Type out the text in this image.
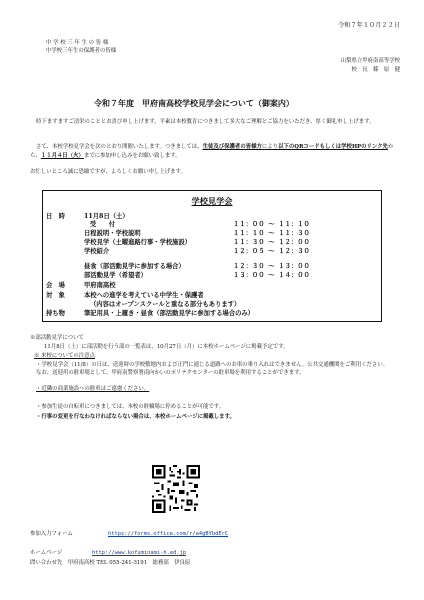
令和７年１０月２２日
中 学 校 三 年 生 の 皆 様
中学校三年生の保護者の皆様
山梨県立甲府南高等学校
校　長　篠　原　健
令和７年度　甲府南高校学校見学会について（御案内）
時下ますますご清栄のこととお喜び申し上げます。平素は本校教育につきまして多大なご理解とご協力をいただき、厚く御礼申し上げます。
さて、本校学校見学会を次のとおり開催いたします。つきましては、生徒及び保護者の皆様方により以下のQRコードもしくは学校HPのリンク先から、１１月４日（火）までに参加申し込みをお願い致します。
お忙しいところ誠に恐縮ですが、よろしくお願い申し上げます。
学校見学会
日　時	11月8日（土）
受　　付	１１：００ ～ １１：１０
日程説明・学校説明	１１：１０ ～ １１：３０
学校見学（土曜進路行事・学校施設）	１１：３０ ～ １２：００
学校紹介	１２：０５ ～ １２：３０
昼食（部活動見学に参加する場合）	１２：３０ ～ １３：００
部活動見学（希望者）	１３：００ ～ １４：００
会　場	甲府南高校
対　象	本校への進学を考えている中学生・保護者
（内容はオープンスクールと重なる部分もあります）
持ち物	筆記用具・上履き・昼食（部活動見学に参加する場合のみ）
※部活動見学について
11月8日（土）に部活動を行う部の一覧表は、10月27日（月）に本校ホームページに掲載予定です。
※ 来校についての注意点
・学校見学会（11/8）の日は、送迎時の学校敷地内および正門に通じる道路へのお車の乗り入れはできません。公共交通機関をご利用ください。なお、送迎用の駐車場として、甲府南警察署南向かいのポリテクセンターの駐車場を利用することができます。
・近隣の商業施設への駐車はご遠慮ください。
・参加生徒の自転車につきましては、本校の駐輪場に停めることが可能です。
・行事の変更を行なわなければならない場合は、本校ホームページに掲載します。
参加入力フォーム	https://forms.office.com/r/a4gBYbdErC
ホームページ	http://www.kofuminami-h.ed.jp
問い合わせ先　甲府南高校 TEL 055-241-3191　総務部　伊良原
